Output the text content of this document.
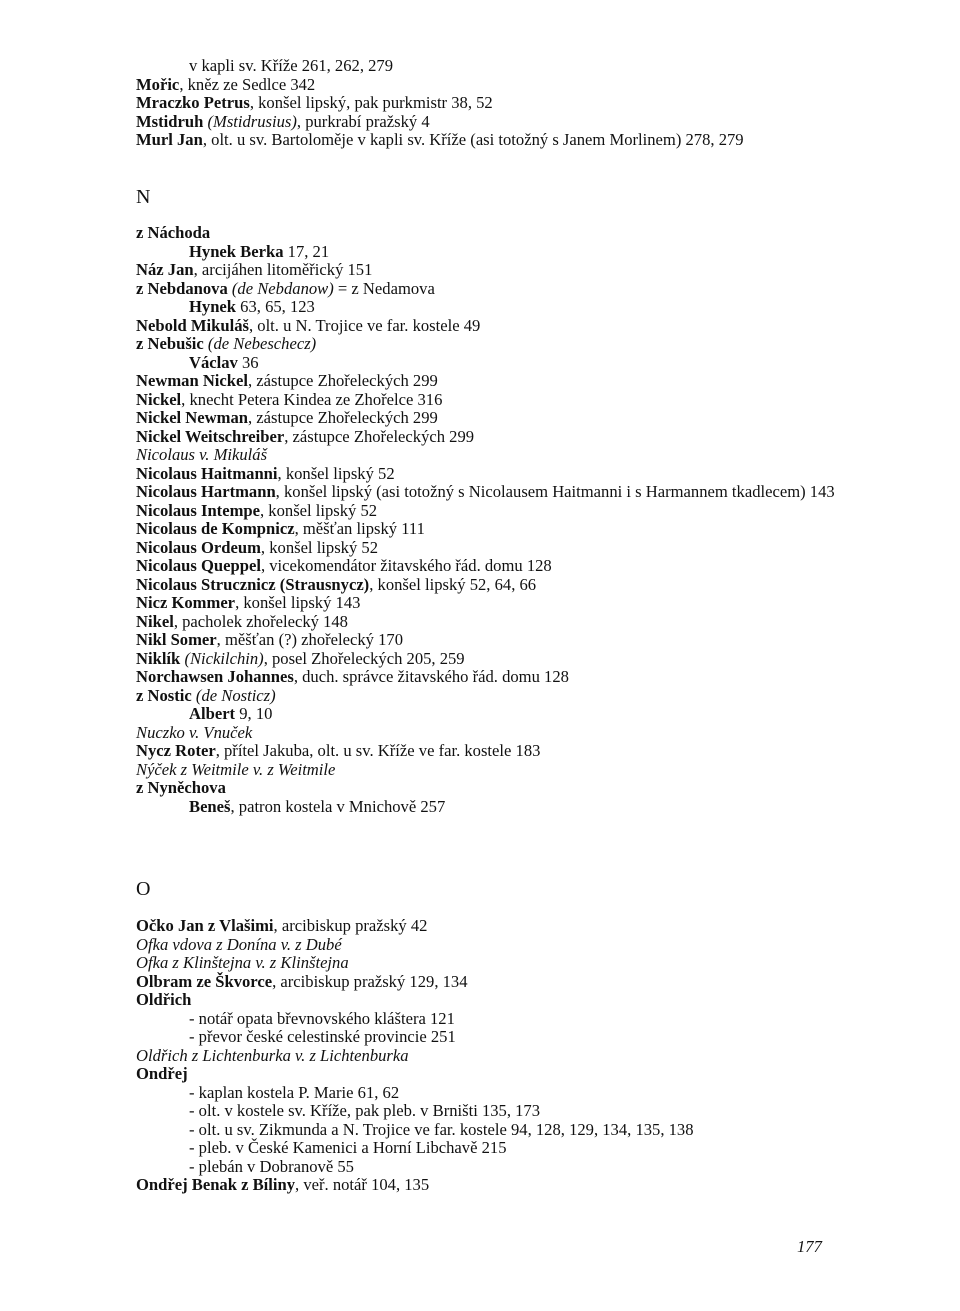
v kapli sv. Kříže 261, 262, 279

Mořic, kněz ze Sedlce 342

Mraczko Petrus, konšel lipský, pak purkmistr 38, 52

Mstidruh (Mstidrusius), purkrabí pražský 4

Murl Jan, olt. u sv. Bartoloměje v kapli sv. Kříže (asi totožný s Janem Morlinem) 278, 279

N

z Náchoda

Hynek Berka 17, 21

Náz Jan, arcijáhen litoměřický 151

z Nebdanova (de Nebdanow) = z Nedamova

Hynek 63, 65, 123

Nebold Mikuláš, olt. u N. Trojice ve far. kostele 49

z Nebušic (de Nebeschecz)

Václav 36

Newman Nickel, zástupce Zhořeleckých 299

Nickel, knecht Petera Kindea ze Zhořelce 316

Nickel Newman, zástupce Zhořeleckých 299

Nickel Weitschreiber, zástupce Zhořeleckých 299

Nicolaus v. Mikuláš

Nicolaus Haitmanni, konšel lipský 52

Nicolaus Hartmann, konšel lipský (asi totožný s Nicolausem Haitmanni i s Harmannem tkadlecem) 143

Nicolaus Intempe, konšel lipský 52

Nicolaus de Kompnicz, měšťan lipský 111

Nicolaus Ordeum, konšel lipský 52

Nicolaus Queppel, vicekomendátor žitavského řád. domu 128

Nicolaus Strucznicz (Strausnycz), konšel lipský 52, 64, 66

Nicz Kommer, konšel lipský 143

Nikel, pacholek zhořelecký 148

Nikl Somer, měšťan (?) zhořelecký 170

Niklík (Nickilchin), posel Zhořeleckých 205, 259

Norchawsen Johannes, duch. správce žitavského řád. domu 128

z Nostic (de Nosticz)

Albert 9, 10

Nuczko v. Vnuček

Nycz Roter, přítel Jakuba, olt. u sv. Kříže ve far. kostele 183

Nýček z Weitmile v. z Weitmile

z Nyněchova

Beneš, patron kostela v Mnichově 257

O

Očko Jan z Vlašimi, arcibiskup pražský 42

Ofka vdova z Donína v. z Dubé

Ofka z Klinštejna v. z Klinštejna

Olbram ze Škvorce, arcibiskup pražský 129, 134

Oldřich

- notář opata břevnovského kláštera 121

- převor české celestinské provincie 251

Oldřich z Lichtenburka v. z Lichtenburka

Ondřej

- kaplan kostela P. Marie 61, 62

- olt. v kostele sv. Kříže, pak pleb. v Brništi 135, 173

- olt. u sv. Zikmunda a N. Trojice ve far. kostele 94, 128, 129, 134, 135, 138

- pleb. v České Kamenici a Horní Libchavě 215

- plebán v Dobranově 55

Ondřej Benak z Bíliny, veř. notář 104, 135

177
